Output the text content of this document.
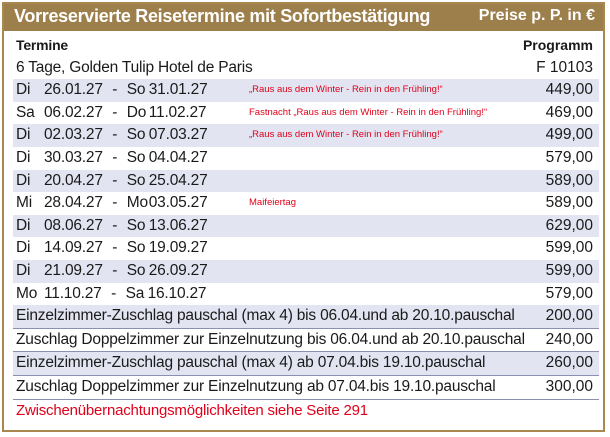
Vorreservierte Reisetermine mit Sofortbestätigung	Preise p. P. in €
Termine	Programm
6 Tage, Golden Tulip Hotel de Paris	F 10103
Di 26.01.27 - So 31.01.27	„Raus aus dem Winter - Rein in den Frühling!“	449,00
Sa 06.02.27 - Do 11.02.27	Fastnacht „Raus aus dem Winter - Rein in den Frühling!“	469,00
Di 02.03.27 - So 07.03.27	„Raus aus dem Winter - Rein in den Frühling!“	499,00
Di 30.03.27 - So 04.04.27	579,00
Di 20.04.27 - So 25.04.27	589,00
Mi 28.04.27 - Mo03.05.27	Maifeiertag	589,00
Di 08.06.27 - So 13.06.27	629,00
Di 14.09.27 - So 19.09.27	599,00
Di 21.09.27 - So 26.09.27	599,00
Mo 11.10.27 - Sa 16.10.27	579,00
Einzelzimmer-Zuschlag pauschal (max 4) bis 06.04.und ab 20.10.pauschal 200,00
Zuschlag Doppelzimmer zur Einzelnutzung bis 06.04.und ab 20.10.pauschal 240,00
Einzelzimmer-Zuschlag pauschal (max 4) ab 07.04.bis 19.10.pauschal	260,00
Zuschlag Doppelzimmer zur Einzelnutzung ab 07.04.bis 19.10.pauschal	300,00
Zwischenübernachtungsmöglichkeiten siehe Seite 291
